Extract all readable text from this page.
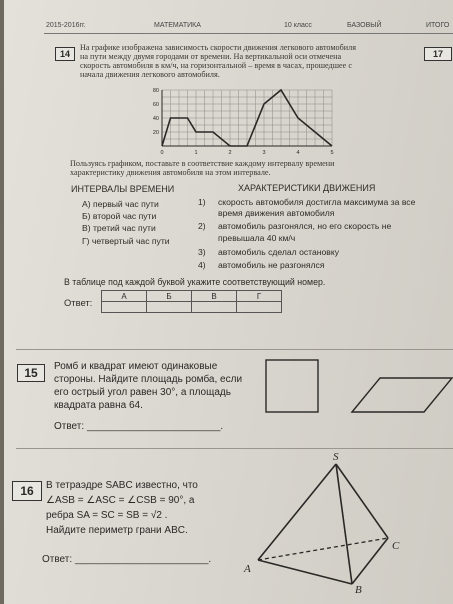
2015-2016гг.	МАТЕМАТИКА	10 класс	БАЗОВЫЙ	ИТОГО
14	17
На графике изображена зависимость скорости движения легкового автомобиля
на пути между двумя городами от времени. На вертикальной оси отмечена
скорость автомобиля в км/ч, на горизонтальной – время в часах, прошедшее с
начала движения легкового автомобиля.
0	1	2	3	4	5
20
40
60
80
Пользуясь графиком, поставьте в соответствие каждому интервалу времени
характеристику движения автомобиля на этом интервале.
ИНТЕРВАЛЫ ВРЕМЕНИ	ХАРАКТЕРИСТИКИ ДВИЖЕНИЯ
А) первый час пути
Б) второй час пути
В) третий час пути
Г) четвертый час пути
1) скорость автомобиля достигла максимума за все
время движения автомобиля
2) автомобиль разгонялся, но его скорость не
превышала 40 км/ч
3) автомобиль сделал остановку
4) автомобиль не разгонялся
В таблице под каждой буквой укажите соответствующий номер.
Ответ:
А	Б	В	Г

15	Ромб и квадрат имеют одинаковые
стороны. Найдите площадь ромба, если
его острый угол равен 30°, а площадь
квадрата равна 64.
Ответ: ________________________.
16	В тетраэдре SABC известно, что
∠ASB = ∠ASC = ∠CSB = 90°, а
ребра SA = SC = SB = √2 .
Найдите периметр грани ABC.
Ответ: ________________________.
S
A
B
C
